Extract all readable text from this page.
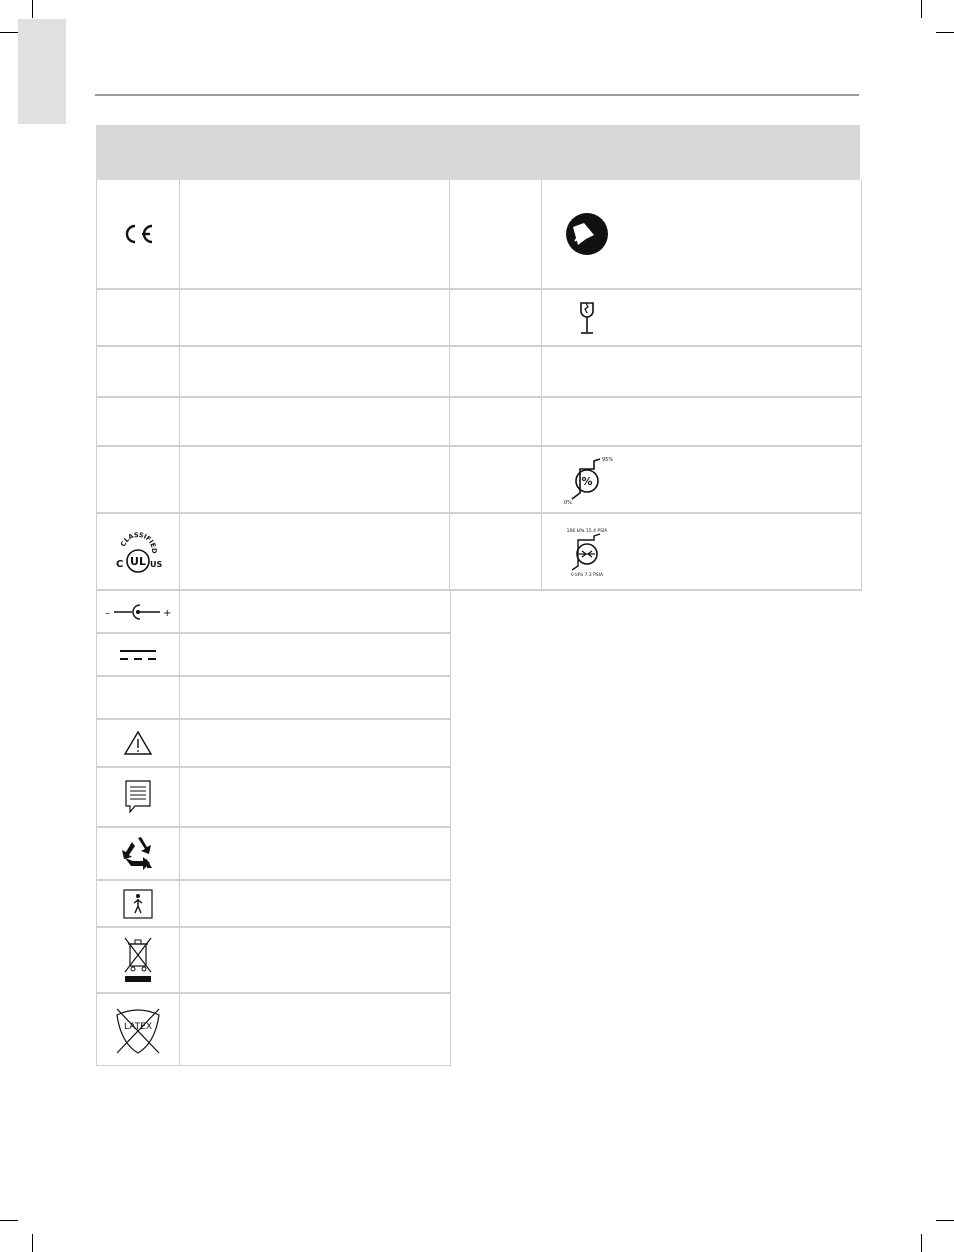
%
95%
0%
CLASSIFIED
UL
C	US
106 kPa 15.4 PSIA
0 kPa 7.3 PSIA
–	+
LATEX
